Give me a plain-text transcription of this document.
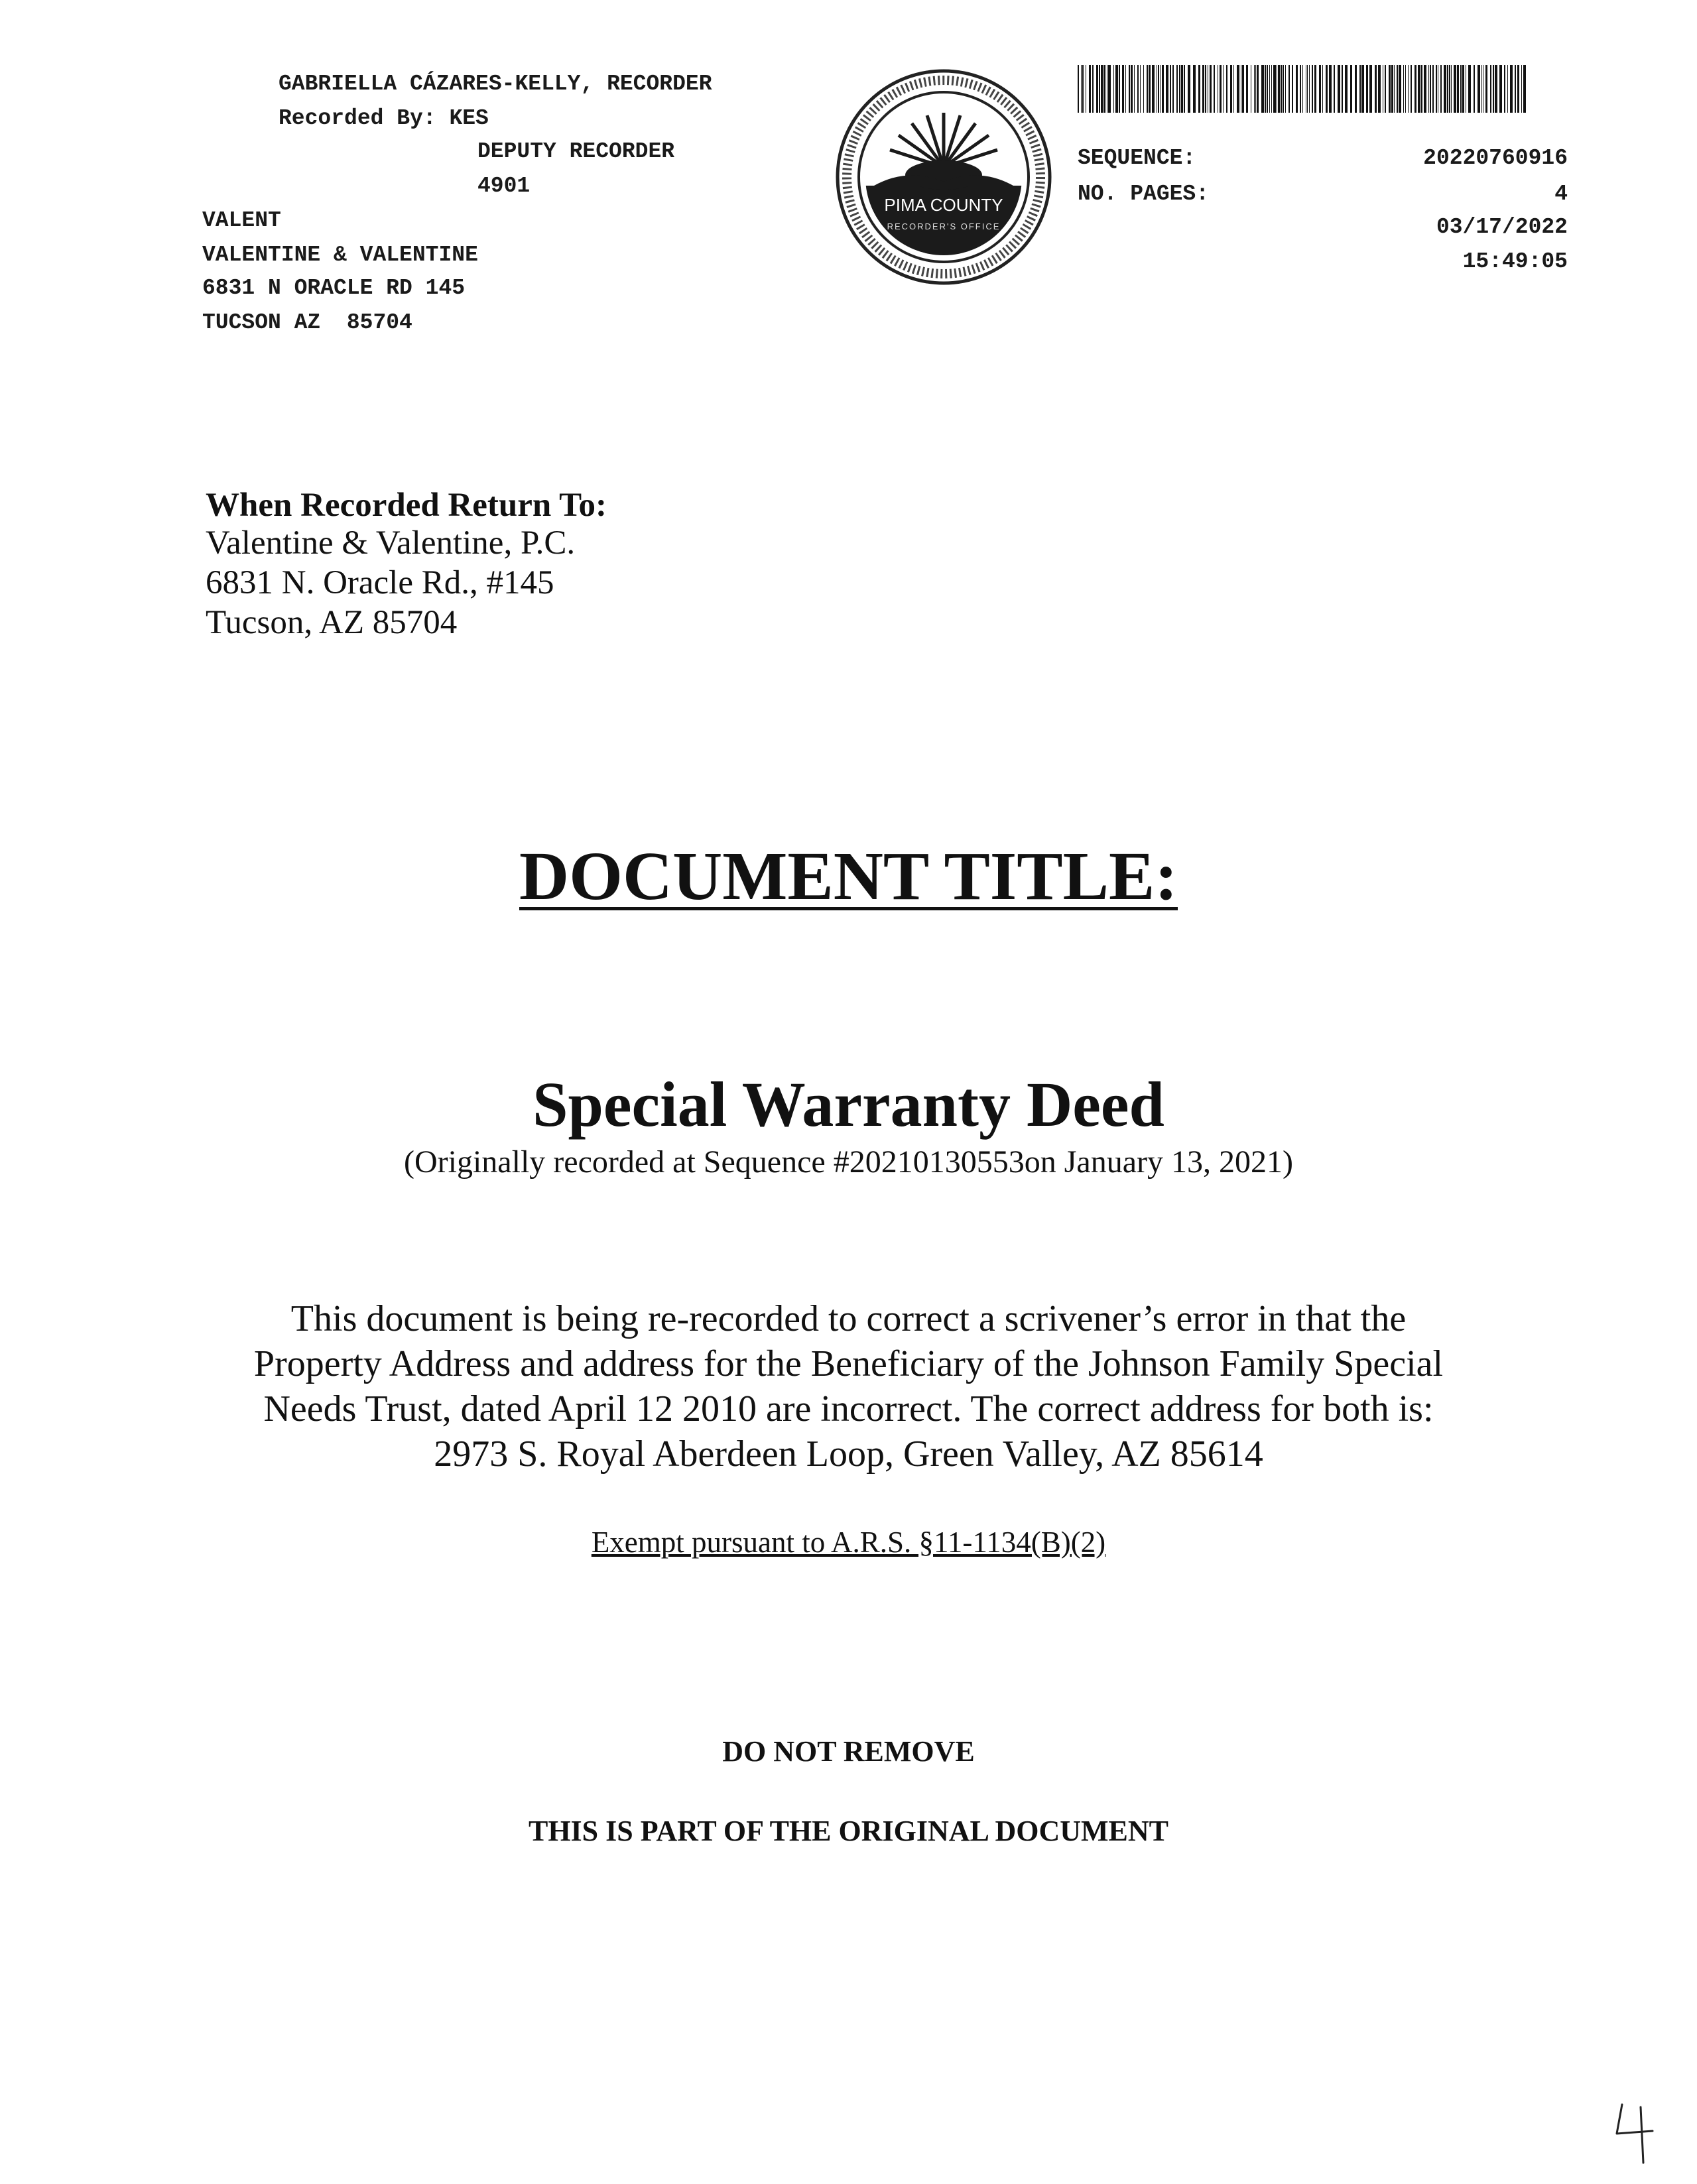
GABRIELLA CÁZARES-KELLY, RECORDER
Recorded By: KES
DEPUTY RECORDER
4901
VALENT
VALENTINE & VALENTINE
6831 N ORACLE RD 145
TUCSON AZ  85704
PIMA COUNTY
RECORDER'S OFFICE
SEQUENCE:	20220760916
NO. PAGES:	4
03/17/2022
15:49:05
When Recorded Return To:
Valentine & Valentine, P.C.
6831 N. Oracle Rd., #145
Tucson, AZ 85704
DOCUMENT TITLE:
Special Warranty Deed
(Originally recorded at Sequence #20210130553on January 13, 2021)
This document is being re-recorded to correct a scrivener’s error in that the
Property Address and address for the Beneficiary of the Johnson Family Special
Needs Trust, dated April 12 2010 are incorrect. The correct address for both is:
2973 S. Royal Aberdeen Loop, Green Valley, AZ 85614
Exempt pursuant to A.R.S. §11-1134(B)(2)
DO NOT REMOVE
THIS IS PART OF THE ORIGINAL DOCUMENT
